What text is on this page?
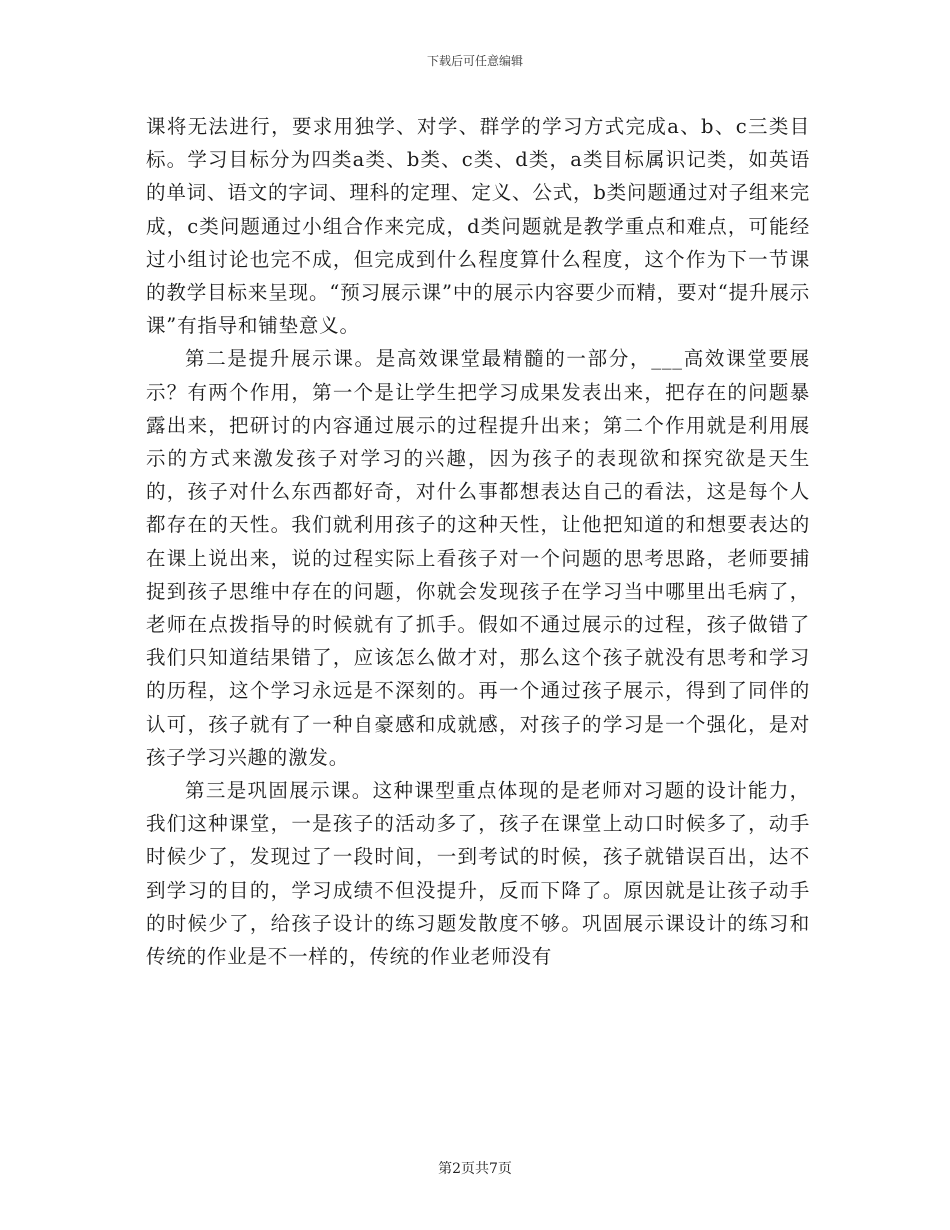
下载后可任意编辑

课将无法进行，要求用独学、对学、群学的学习方式完成a、b、c三类目标。学习目标分为四类a类、b类、c类、d类，a类目标属识记类，如英语的单词、语文的字词、理科的定理、定义、公式，b类问题通过对子组来完成，c类问题通过小组合作来完成，d类问题就是教学重点和难点，可能经过小组讨论也完不成，但完成到什么程度算什么程度，这个作为下一节课的教学目标来呈现。“预习展示课”中的展示内容要少而精，要对“提升展示课”有指导和铺垫意义。

第二是提升展示课。是高效课堂最精髓的一部分，___高效课堂要展示？有两个作用，第一个是让学生把学习成果发表出来，把存在的问题暴露出来，把研讨的内容通过展示的过程提升出来；第二个作用就是利用展示的方式来激发孩子对学习的兴趣，因为孩子的表现欲和探究欲是天生的，孩子对什么东西都好奇，对什么事都想表达自己的看法，这是每个人都存在的天性。我们就利用孩子的这种天性，让他把知道的和想要表达的在课上说出来，说的过程实际上看孩子对一个问题的思考思路，老师要捕捉到孩子思维中存在的问题，你就会发现孩子在学习当中哪里出毛病了，老师在点拨指导的时候就有了抓手。假如不通过展示的过程，孩子做错了我们只知道结果错了，应该怎么做才对，那么这个孩子就没有思考和学习的历程，这个学习永远是不深刻的。再一个通过孩子展示，得到了同伴的认可，孩子就有了一种自豪感和成就感，对孩子的学习是一个强化，是对孩子学习兴趣的激发。

第三是巩固展示课。这种课型重点体现的是老师对习题的设计能力，我们这种课堂，一是孩子的活动多了，孩子在课堂上动口时候多了，动手时候少了，发现过了一段时间，一到考试的时候，孩子就错误百出，达不到学习的目的，学习成绩不但没提升，反而下降了。原因就是让孩子动手的时候少了，给孩子设计的练习题发散度不够。巩固展示课设计的练习和传统的作业是不一样的，传统的作业老师没有

第2页共7页
